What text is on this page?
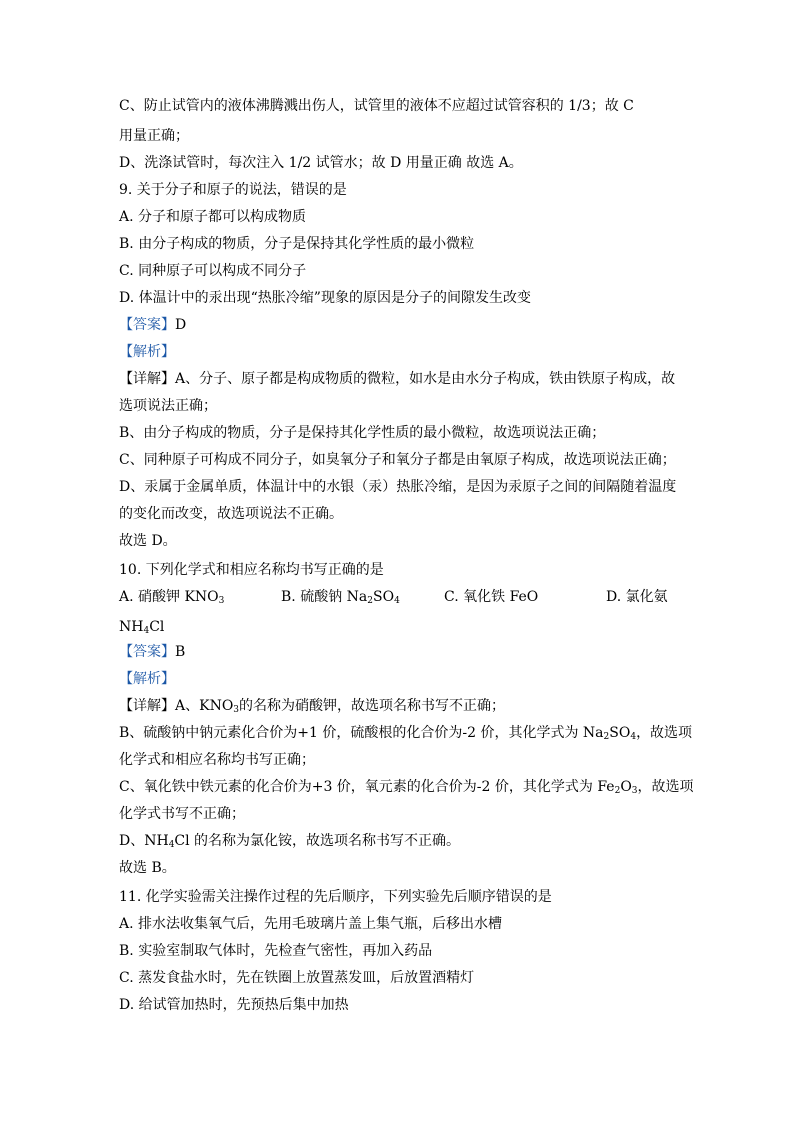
C、防止试管内的液体沸腾溅出伤人，试管里的液体不应超过试管容积的 1/3；故 C
用量正确；
D、洗涤试管时，每次注入 1/2 试管水；故 D 用量正确 故选 A。
9. 关于分子和原子的说法，错误的是
A. 分子和原子都可以构成物质
B. 由分子构成的物质，分子是保持其化学性质的最小微粒
C. 同种原子可以构成不同分子
D. 体温计中的汞出现“热胀冷缩”现象的原因是分子的间隙发生改变
【答案】D
【解析】
【详解】A、分子、原子都是构成物质的微粒，如水是由水分子构成，铁由铁原子构成，故
选项说法正确；
B、由分子构成的物质，分子是保持其化学性质的最小微粒，故选项说法正确；
C、同种原子可构成不同分子，如臭氧分子和氧分子都是由氧原子构成，故选项说法正确；
D、汞属于金属单质，体温计中的水银（汞）热胀冷缩，是因为汞原子之间的间隔随着温度
的变化而改变，故选项说法不正确。
故选 D。
10. 下列化学式和相应名称均书写正确的是
A. 硝酸钾 $KNO_3$	B. 硫酸钠 $Na_2SO_4$	C. 氧化铁 FeO	D. 氯化氨
$NH_4Cl$
【答案】B
【解析】
【详解】A、$KNO_3$的名称为硝酸钾，故选项名称书写不正确；
B、硫酸钠中钠元素化合价为+1 价，硫酸根的化合价为-2 价，其化学式为 $Na_2SO_4$，故选项
化学式和相应名称均书写正确；
C、氧化铁中铁元素的化合价为+3 价，氧元素的化合价为-2 价，其化学式为 $Fe_2O_3$，故选项
化学式书写不正确；
D、$NH_4Cl$ 的名称为氯化铵，故选项名称书写不正确。
故选 B。
11. 化学实验需关注操作过程的先后顺序，下列实验先后顺序错误的是
A. 排水法收集氧气后，先用毛玻璃片盖上集气瓶，后移出水槽
B. 实验室制取气体时，先检查气密性，再加入药品
C. 蒸发食盐水时，先在铁圈上放置蒸发皿，后放置酒精灯
D. 给试管加热时，先预热后集中加热
